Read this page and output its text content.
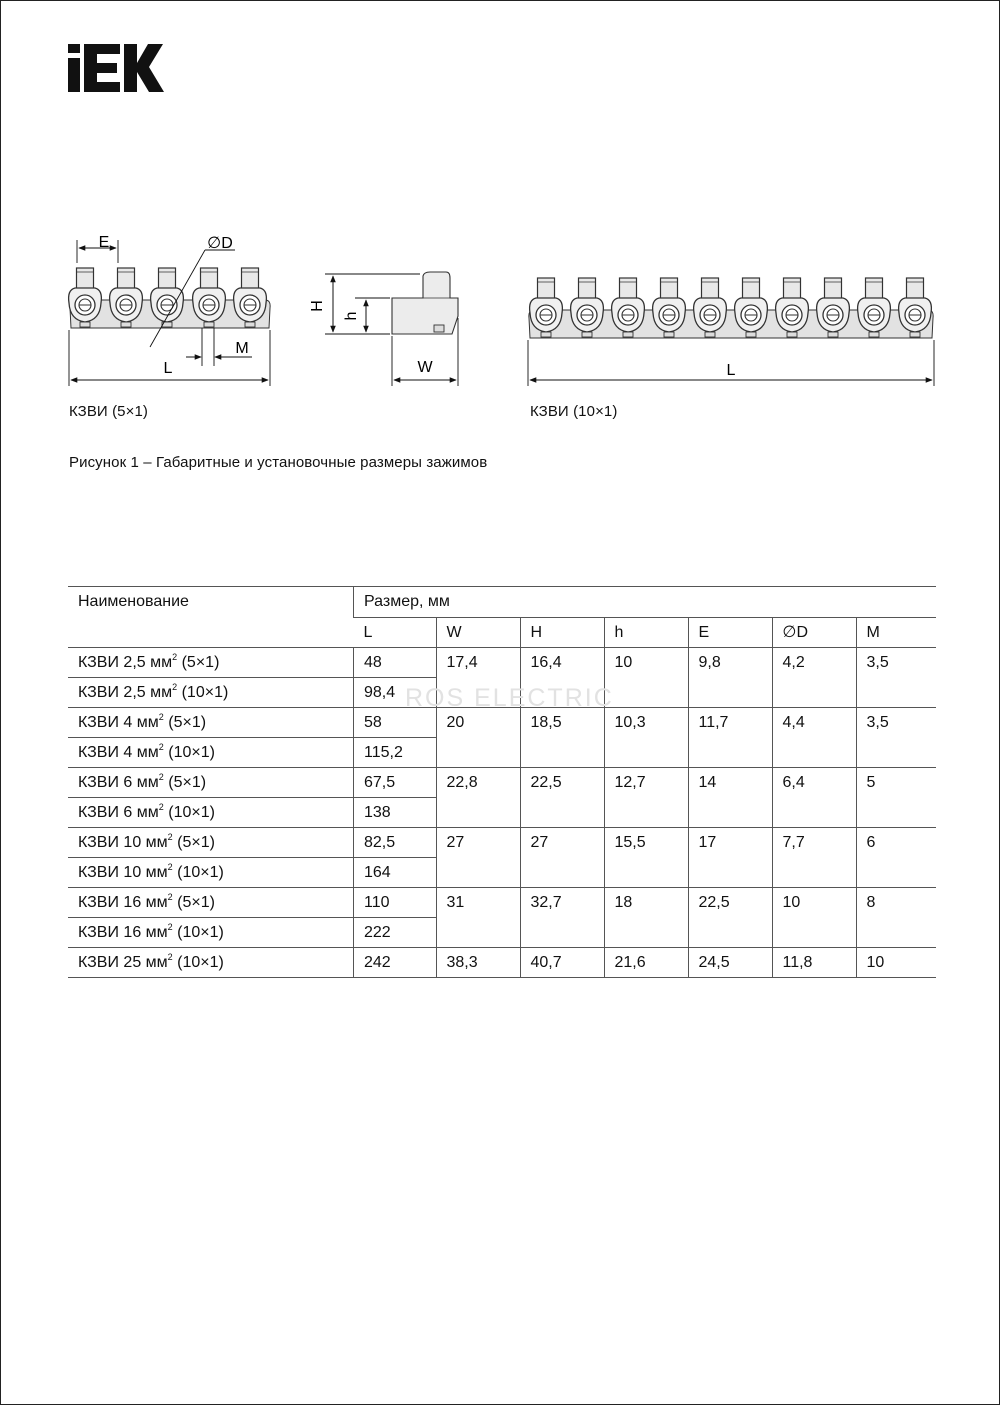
E	∅D
M
L
H
h
W	L
КЗВИ (5×1)	КЗВИ (10×1)
Рисунок 1 – Габаритные и установочные размеры зажимов
Наименование	Размер, мм						
	L	W	H	h	E	∅D	M
КЗВИ 2,5 $мм^2$ (5×1)	48	17,4	16,4	10	9,8	4,2	3,5
КЗВИ 2,5 $мм^2$ (10×1)	98,4						
КЗВИ 4 $мм^2$ (5×1)	58	20	18,5	10,3	11,7	4,4	3,5
КЗВИ 4 $мм^2$ (10×1)	115,2						
КЗВИ 6 $мм^2$ (5×1)	67,5	22,8	22,5	12,7	14	6,4	5
КЗВИ 6 $мм^2$ (10×1)	138						
КЗВИ 10 $мм^2$ (5×1)	82,5	27	27	15,5	17	7,7	6
КЗВИ 10 $мм^2$ (10×1)	164						
КЗВИ 16 $мм^2$ (5×1)	110	31	32,7	18	22,5	10	8
КЗВИ 16 $мм^2$ (10×1)	222						
КЗВИ 25 $мм^2$ (10×1)	242	38,3	40,7	21,6	24,5	11,8	10
ROS ELECTRIC
